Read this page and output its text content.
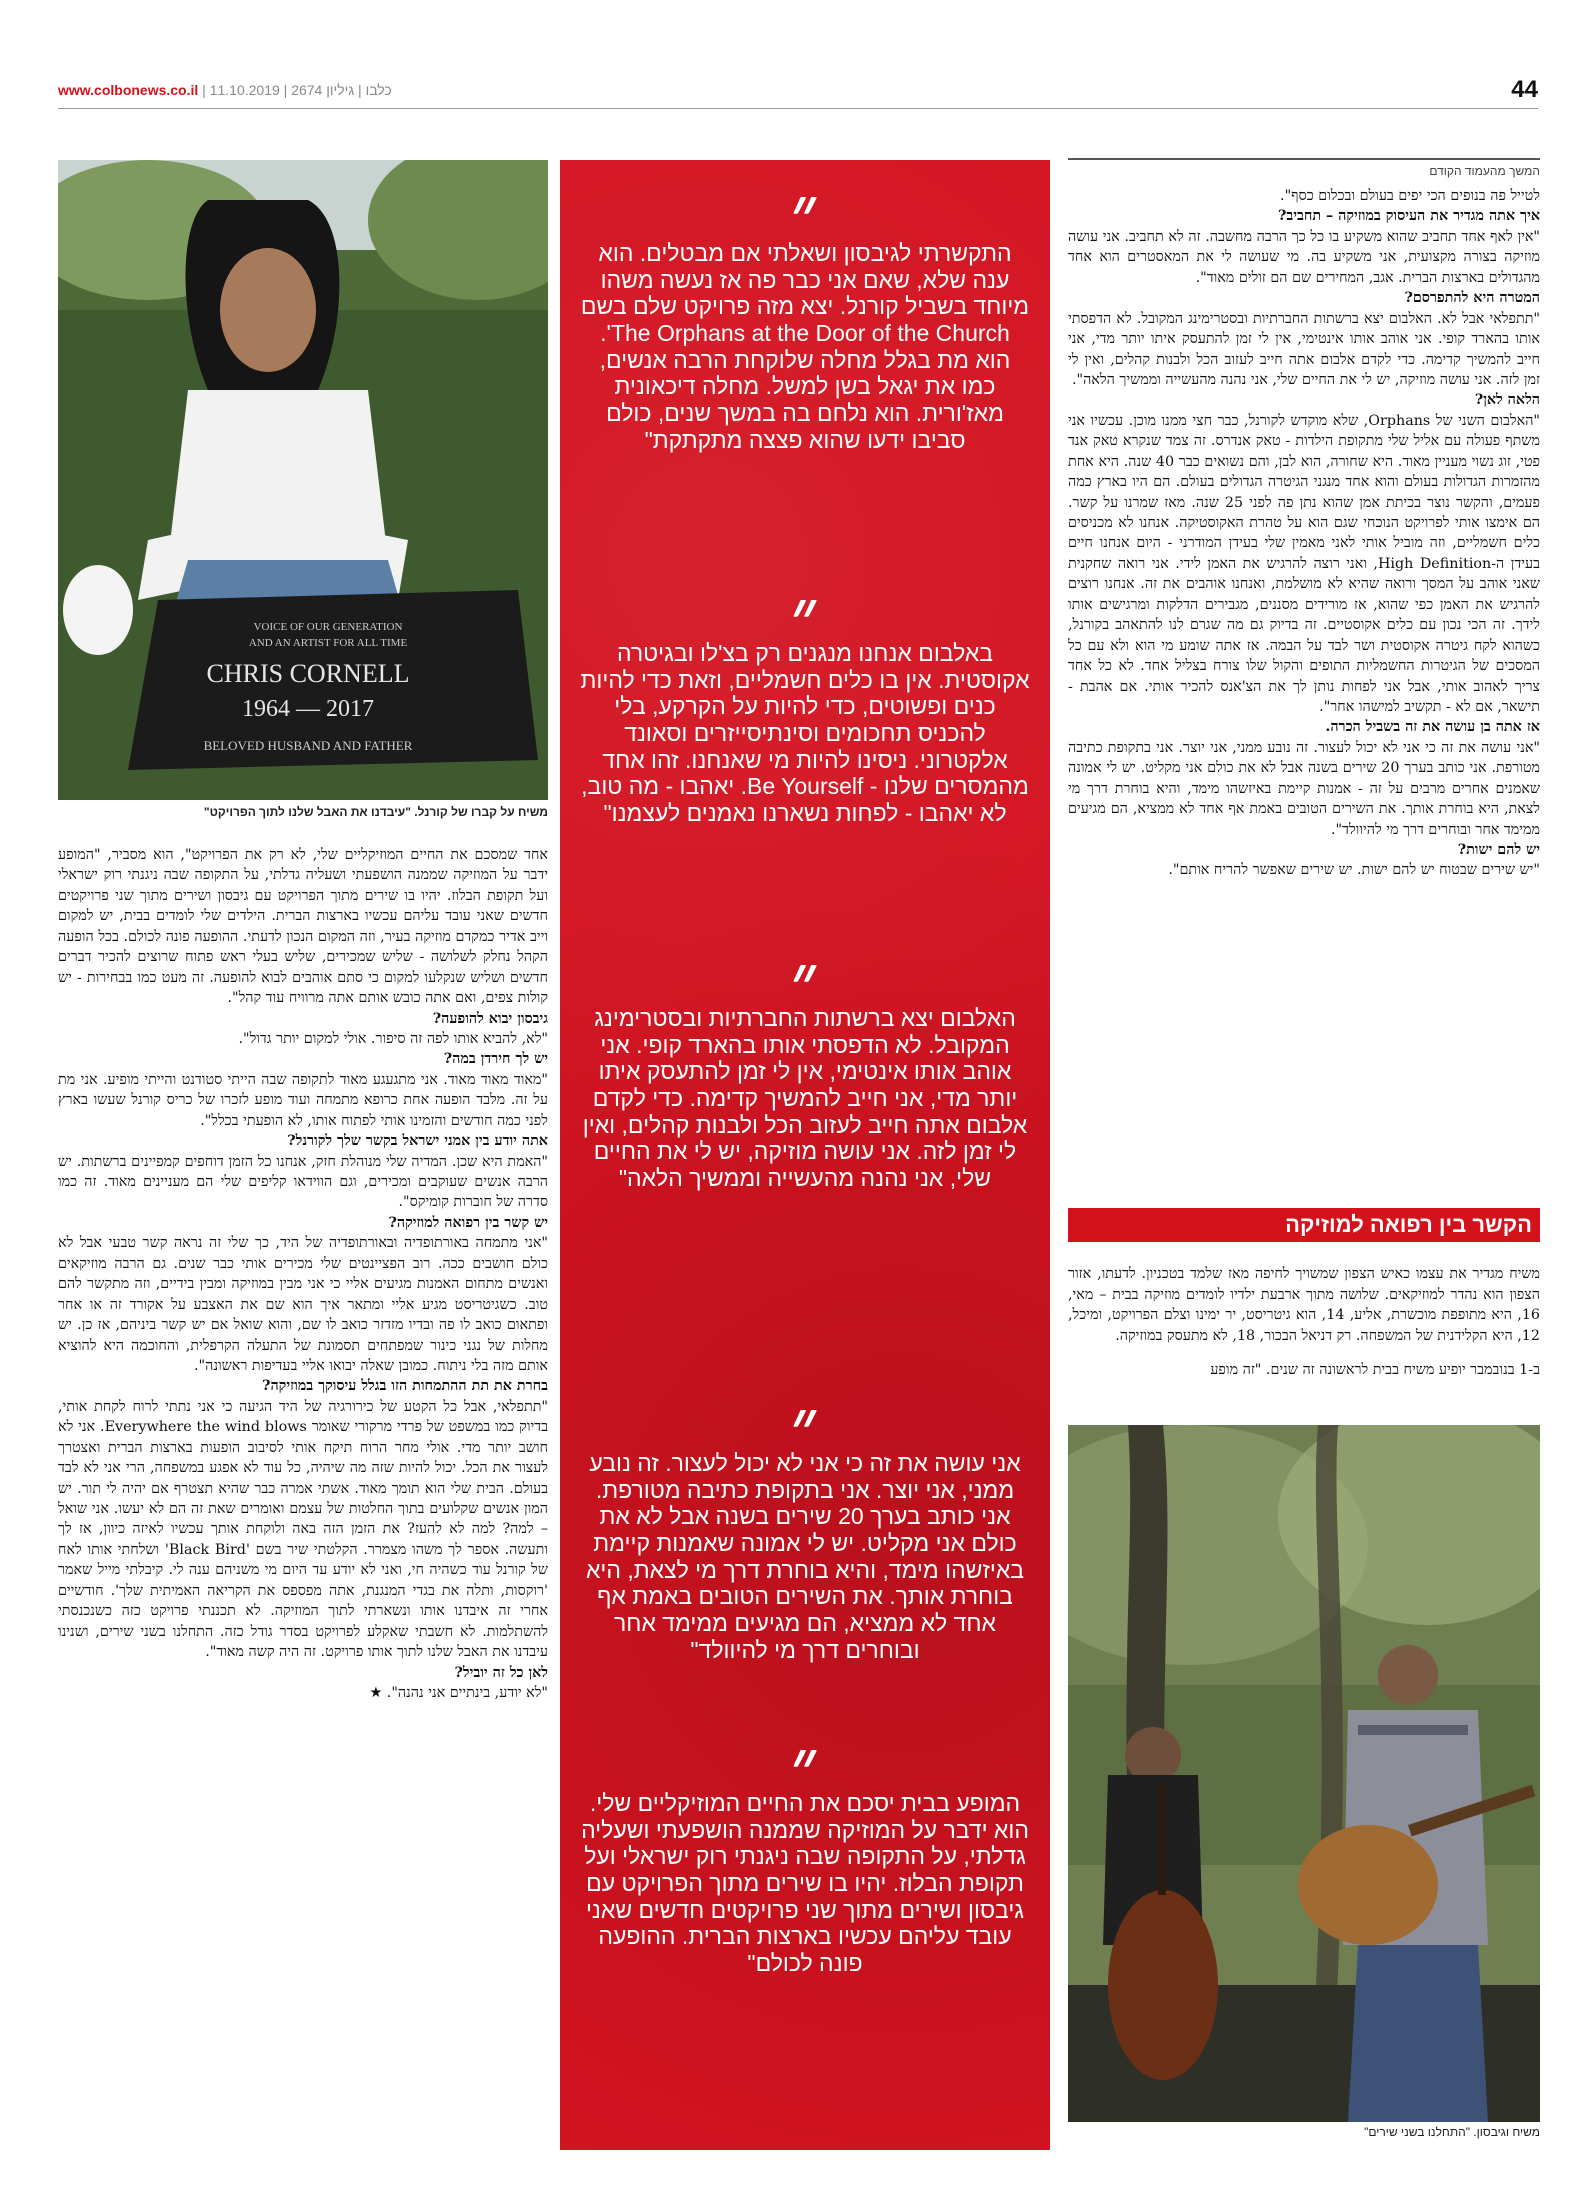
www.colbonews.co.il |	כלבו | גיליון 2674 | 11.10.2019	44
המשך מהעמוד הקודם

לטייל פה בנופים הכי יפים בעולם ובכלום כסף".

איך אתה מגדיר את העיסוק במוזיקה – תחביב?

"אין לאף אחד תחביב שהוא משקיע בו כל כך הרבה מחשבה. זה לא תחביב. אני עושה מוזיקה בצורה מקצועית, אני משקיע בה. מי שעושה לי את המאסטרים הוא אחד מהגדולים בארצות הברית. אגב, המחירים שם הם זולים מאוד".

המטרה היא להתפרסם?

"תתפלאי אבל לא. האלבום יצא ברשתות החברתיות ובסטרימינג המקובל. לא הדפסתי אותו בהארד קופי. אני אוהב אותו אינטימי, אין לי זמן להתעסק איתו יותר מדי, אני חייב להמשיך קדימה. כדי לקדם אלבום אתה חייב לעזוב הכל ולבנות קהלים, ואין לי זמן לזה. אני עושה מוזיקה, יש לי את החיים שלי, אני נהנה מהעשייה וממשיך הלאה".

הלאה לאן?

"האלבום השני של Orphans, שלא מוקדש לקורנל, כבר חצי ממנו מוכן. עכשיו אני משתף פעולה עם אליל שלי מתקופת הילדות - טאק אנדרס. זה צמד שנקרא טאק אנד פטי, זוג נשוי מעניין מאוד. היא שחורה, הוא לבן, והם נשואים כבר 40 שנה. היא אחת מהזמרות הגדולות בעולם והוא אחד מנגני הגיטרה הגדולים בעולם. הם היו בארץ כמה פעמים, והקשר נוצר בכיתת אמן שהוא נתן פה לפני 25 שנה. מאז שמרנו על קשר. הם אימצו אותי לפרויקט הנוכחי שגם הוא על טהרת האקוסטיקה. אנחנו לא מכניסים כלים חשמליים, וזה מוביל אותי לאני מאמין שלי בעידן המודרני - היום אנחנו חיים בעידן ה-High Definition, ואני רוצה להרגיש את האמן לידי. אני רואה שחקנית שאני אוהב על המסך ורואה שהיא לא מושלמת, ואנחנו אוהבים את זה. אנחנו רוצים להרגיש את האמן כפי שהוא, אז מורידים מסננים, מגבירים הדלקות ומרגישים אותו לידך. זה הכי נכון עם כלים אקוסטיים. זה בדיוק גם מה שגרם לנו להתאהב בקורנל, כשהוא לקח גיטרה אקוסטית ושר לבד על הבמה. אז אתה שומע מי הוא ולא עם כל המסכים של הגיטרות החשמליות התופים והקול שלו צורח בצליל אחד. לא כל אחד צריך לאהוב אותי, אבל אני לפחות נותן לך את הצ'אנס להכיר אותי. אם אהבת - תישאר, אם לא - תקשיב למישהו אחר".

אז אתה בן עושה את זה בשביל הכרה.

"אני עושה את זה כי אני לא יכול לעצור. זה נובע ממני, אני יוצר. אני בתקופת כתיבה מטורפת. אני כותב בערך 20 שירים בשנה אבל לא את כולם אני מקליט. יש לי אמונה שאמנים אחרים מרבים על זה - אמנות קיימת באיזשהו מימד, והיא בוחרת דרך מי לצאת, היא בוחרת אותך. את השירים הטובים באמת אף אחד לא ממציא, הם מגיעים ממימד אחר ובוחרים דרך מי להיוולד".

יש להם ישות?

"יש שירים שבטוח יש להם ישות. יש שירים שאפשר להריח אותם".

הקשר בין רפואה למוזיקה

משיח מגדיר את עצמו כאיש הצפון שמשויך לחיפה מאז שלמד בטכניון. לדעתו, אזור הצפון הוא נהדר למוזיקאים. שלושה מתוך ארבעת ילדיו לומדים מוזיקה בבית – מאי, 16, היא מתופפת מוכשרת, אליע, 14, הוא גיטריסט, יר ימינו וצלם הפרויקט, ומיכל, 12, היא הקלידנית של המשפחה. רק דניאל הבכור, 18, לא מתעסק במוזיקה.

ב-1 בנובמבר יופיע משיח בבית לראשונה זה שנים. "זה מופע

משיח וגיבסון. "התחלנו בשני שירים"
״
התקשרתי לגיבסון ושאלתי אם מבטלים. הוא ענה שלא, שאם אני כבר פה אז נעשה משהו מיוחד בשביל קורנל. יצא מזה פרויקט שלם בשם The Orphans at the Door of the Church'. הוא מת בגלל מחלה שלוקחת הרבה אנשים, כמו את יגאל בשן למשל. מחלה דיכאונית מאז'ורית. הוא נלחם בה במשך שנים, כולם סביבו ידעו שהוא פצצה מתקתקת"
״
באלבום אנחנו מנגנים רק בצ'לו ובגיטרה אקוסטית. אין בו כלים חשמליים, וזאת כדי להיות כנים ופשוטים, כדי להיות על הקרקע, בלי להכניס תחכומים וסינתיסייזרים וסאונד אלקטרוני. ניסינו להיות מי שאנחנו. זהו אחד מהמסרים שלנו - Be Yourself. יאהבו - מה טוב, לא יאהבו - לפחות נשארנו נאמנים לעצמנו"
״
האלבום יצא ברשתות החברתיות ובסטרימינג המקובל. לא הדפסתי אותו בהארד קופי. אני אוהב אותו אינטימי, אין לי זמן להתעסק איתו יותר מדי, אני חייב להמשיך קדימה. כדי לקדם אלבום אתה חייב לעזוב הכל ולבנות קהלים, ואין לי זמן לזה. אני עושה מוזיקה, יש לי את החיים שלי, אני נהנה מהעשייה וממשיך הלאה"
״
אני עושה את זה כי אני לא יכול לעצור. זה נובע ממני, אני יוצר. אני בתקופת כתיבה מטורפת. אני כותב בערך 20 שירים בשנה אבל לא את כולם אני מקליט. יש לי אמונה שאמנות קיימת באיזשהו מימד, והיא בוחרת דרך מי לצאת, היא בוחרת אותך. את השירים הטובים באמת אף אחד לא ממציא, הם מגיעים ממימד אחר ובוחרים דרך מי להיוולד"
״
המופע בבית יסכם את החיים המוזיקליים שלי. הוא ידבר על המוזיקה שממנה הושפעתי ושעליה גדלתי, על התקופה שבה ניגנתי רוק ישראלי ועל תקופת הבלוז. יהיו בו שירים מתוך הפרויקט עם גיבסון ושירים מתוך שני פרויקטים חדשים שאני עובד עליהם עכשיו בארצות הברית. ההופעה פונה לכולם"
VOICE OF OUR GENERATION
AND AN ARTIST FOR ALL TIME
CHRIS CORNELL
1964 — 2017
BELOVED HUSBAND AND FATHER
משיח על קברו של קורנל. "עיבדנו את האבל שלנו לתוך הפרויקט"

אחד שמסכם את החיים המוזיקליים שלי, לא רק את הפרויקט", הוא מסביר, "המופע ידבר על המוזיקה שממנה הושפעתי ושעליה גדלתי, על התקופה שבה ניגנתי רוק ישראלי ועל תקופת הבלוז. יהיו בו שירים מתוך הפרויקט עם גיבסון ושירים מתוך שני פרויקטים חדשים שאני עובד עליהם עכשיו בארצות הברית. הילדים שלי לומדים בבית, יש למקום וייב אדיר כמקדם מוזיקה בעיר, וזה המקום הנכון לדעתי. ההופעה פונה לכולם. בכל הופעה הקהל נחלק לשלושה - שליש שמכירים, שליש בעלי ראש פתוח שרוצים להכיר דברים חדשים ושליש שנקלעו למקום כי סתם אוהבים לבוא להופעה. זה מעט כמו בבחירות - יש קולות צפים, ואם אתה כובש אותם אתה מרוויח עוד קהל".

גיבסון יבוא להופעה?

"לא, להביא אותו לפה זה סיפור. אולי למקום יותר גדול".

יש לך חירדן במה?

"מאוד מאוד מאוד. אני מתגעגע מאוד לתקופה שבה הייתי סטודנט והייתי מופיע. אני מת על זה. מלבד הופעה אחת כרופא מתמחה ועוד מופע לזכרו של כריס קורנל שעשו בארץ לפני כמה חודשים והזמינו אותי לפתוח אותו, לא הופעתי בכלל".

אתה יודע בין אמני ישראל בקשר שלך לקורנל?

"האמת היא שכן. המדיה שלי מנוהלת חזק, אנחנו כל הזמן דוחפים קמפיינים ברשתות. יש הרבה אנשים שעוקבים ומכירים, וגם הווידאו קליפים שלי הם מעניינים מאוד. זה כמו סדרה של חוברות קומיקס".

יש קשר בין רפואה למוזיקה?

"אני מתמחה באורתופדיה ובאורתופדיה של היד, כך שלי זה נראה קשר טבעי אבל לא כולם חושבים ככה. רוב הפציינטים שלי מכירים אותי כבר שנים. גם הרבה מוזיקאים ואנשים מתחום האמנות מגיעים אליי כי אני מבין במוזיקה ומבין בידיים, וזה מתקשר להם טוב. כשגיטריסט מגיע אליי ומתאר איך הוא שם את האצבע על אקורד זה או אחר ופתאום כואב לו פה ובדיו מזדזר כואב לו שם, והוא שואל אם יש קשר ביניהם, אז כן. יש מחלות של נגני כינור שמפתחים תסמונת של התעלה הקרפלית, והחוכמה היא להוציא אותם מזה בלי ניתוח. כמובן שאלה יבואו אליי בעדיפות ראשונה".

בחרת את תת ההתמחות הזו בגלל עיסוקך במוזיקה?

"תתפלאי, אבל כל הקטע של כירורגיה של היד הגיעה כי אני נתתי לרוח לקחת אותי, בדיוק כמו במשפט של פרדי מרקורי שאומר Everywhere the wind blows. אני לא חושב יותר מדי. אולי מחר הרוח תיקח אותי לסיבוב הופעות בארצות הברית ואצטרך לעצור את הכל. יכול להיות שזה מה שיהיה, כל עוד לא אפגע במשפחה, הרי אני לא לבד בעולם. הבית שלי הוא תומך מאוד. אשתי אמרה כבר שהיא תצטרף אם יהיה לי תור. יש המון אנשים שקלועים בתוך החלטות של עצמם ואומרים שאת זה הם לא יעשו. אני שואל – למה? למה לא להעז? את הזמן הזה באה ולוקחת אותך עכשיו לאיזה כיוון, אז לך ותעשה. אספר לך משהו מצמרר. הקלטתי שיר בשם 'Black Bird' ושלחתי אותו לאח של קורנל עוד כשהיה חי, ואני לא יודע עד היום מי משניהם ענה לי. קיבלתי מייל שאמר 'רוקסות, ותלה את בגדי המנגנת, אתה מפספס את הקריאה האמיתית שלך'. חודשיים אחרי זה איבדנו אותו ונשארתי לתוך המוזיקה. לא תכננתי פרויקט כזה כשנכנסתי להשתלמות. לא חשבתי שאקלע לפרויקט בסדר גודל כזה. התחלנו בשני שירים, ושנינו עיבדנו את האבל שלנו לתוך אותו פרויקט. זה היה קשה מאוד".

לאן כל זה יוביל?

"לא יודע, בינתיים אני נהנה". ★
